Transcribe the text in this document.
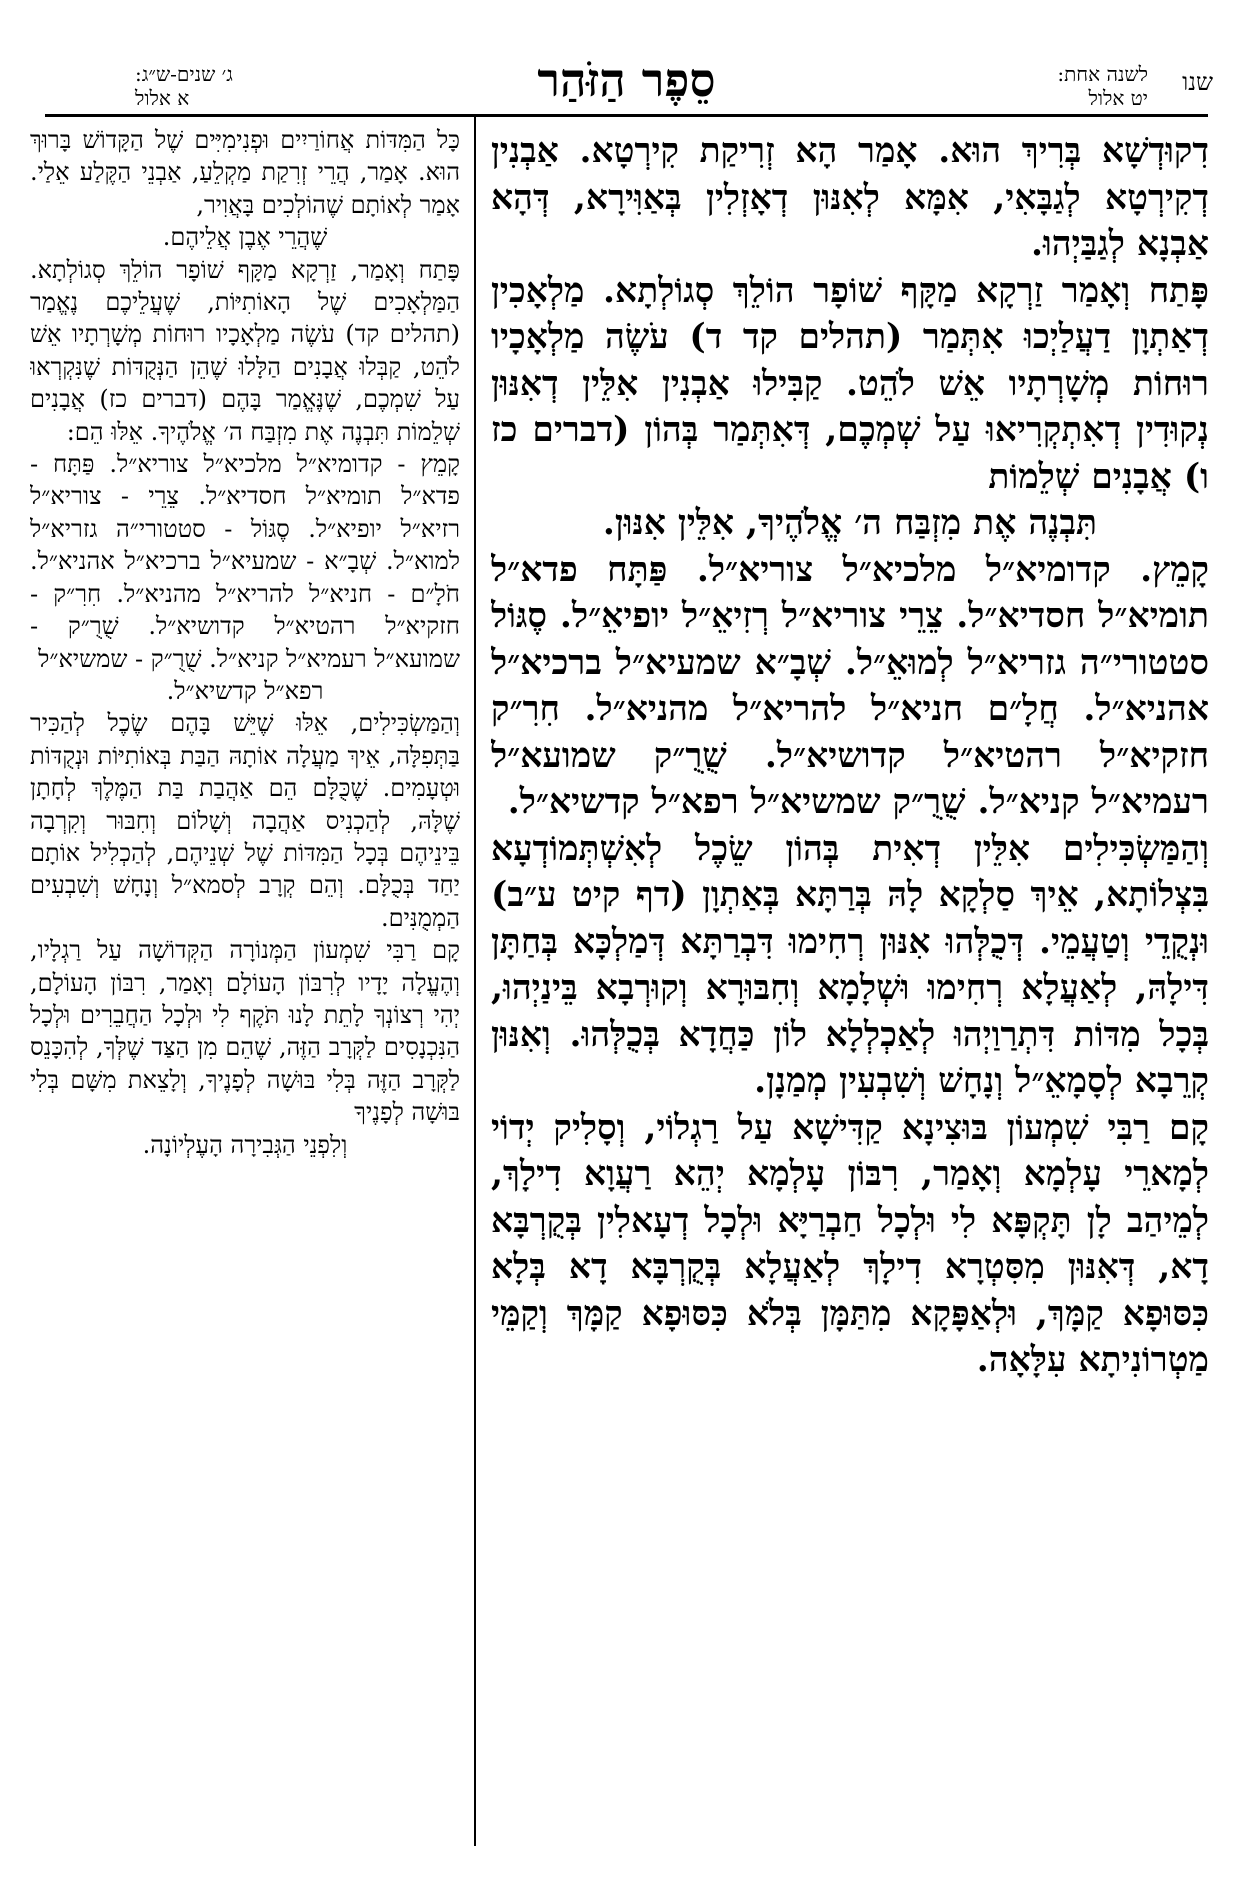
שנו
לשנה אחת:
יט אלול
סֵפֶר הַזֹּהַר
ג׳ שנים-ש״ג:
א אלול

דִקוּדְשָׁא בְּרִיךְ הוּא. אָמַר הָא זְרִיקַת קִירְטָא. אַבְנִין דְקִירְטָא לְגַבָּאִי, אִמָּא לְאִנּוּן דְאָזְלִין בְּאַוִּירָא, דְּהָא אַבְנָא לְגַבַּיְהוּ.

פָּתַח וְאָמַר זַרְקָא מַקָּף שׁוֹפָר הוֹלֵךְ סְגוֹלְתָא. מַלְאָכִין דְאַתְוָן דַעֲלַיְכוּ אִתְּמַר (תהלים קד ד) עֹשֶׂה מַלְאָכָיו רוּחוֹת מְשָׁרְתָיו אֵשׁ לֹהֵט. קַבִּילוּ אַבְנִין אִלֵּין דְאִנּוּן נְקוּדִין דְאִתְקְרִיאוּ עַל שְׁמְכֶם, דְּאִתְּמַר בְּהוֹן (דברים כז ו) אֲבָנִים שְׁלֵמוֹת

תִּבְנֶה אֶת מִזְבַּח ה׳ אֱלֹהֶיךָ, אִלֵּין אִנּוּן.

קָמֵץ. קדומיא״ל מלכיא״ל צוריא״ל. פַּתָּח פדא״ל תומיא״ל חסדיא״ל. צֵרֵי צוריא״ל רְזִיאֵ״ל יופיאֵ״ל. סֶגּוֹל סטטורי״ה גזריא״ל לְמוּאֵ״ל. שְׁבָ״א שמעיא״ל ברכיא״ל אהניא״ל. חֲלָ״ם חניא״ל להריא״ל מהניא״ל. חִרִ״ק חזקיא״ל רהטיא״ל קדושיא״ל. שֻׁרֻ״ק שמועא״ל רעמיא״ל קניא״ל. שֻׁרֻ״ק שמשיא״ל רפא״ל קדשיא״ל.

וְהַמַּשְׂכִּילִים אִלֵּין דְאִית בְּהוֹן שֵׂכֶל לְאִשְׁתְּמוֹדְעָא בִּצְלוֹתָא, אֵיךְ סַלְקָא לָהּ בְּרַתָּא בְּאַתְוָן (דף קיט ע״ב) וּנְקֻדֵי וְטַעֲמֵי. דְּכֻלְּהוּ אִנּוּן רְחִימוּ דִּבְרַתָּא דְּמַלְכָּא בְּחַתָּן דִּילָהּ, לְאַעֲלָא רְחִימוּ וּשְׁלָמָא וְחִבּוּרָא וְקוּרְבָא בֵּינַיְהוּ, בְּכָל מִדּוֹת דִּתְרַוַיְהוּ לְאַכְלְלָא לוֹן כַּחֲדָא בְּכֻלְּהוּ. וְאִנּוּן קְרֵבָא לְסָמָאֵ״ל וְנָחָשׁ וְשִׁבְעִין מְמַנָן.

קָם רַבִּי שִׁמְעוֹן בּוּצִינָא קַדִּישָׁא עַל רַגְלוֹי, וְסָלִיק יְדוֹי לְמָארֵי עָלְמָא וְאָמַר, רִבּוֹן עָלְמָא יְהֵא רַעֲוָא דִילָךְ, לְמֵיהַב לָן תָּקְפָּא לִי וּלְכָל חַבְרַיָּא וּלְכָל דְעָאלִין בְּקֻרְבָּא דָא, דְּאִנּוּן מִסִּטְרָא דִילָךְ לְאַעֲלָא בְּקֻרְבָּא דָא בְּלָא כִּסּוּפָא קַמָּךְ, וּלְאַפָּקָא מִתַּמָּן בְּלֹא כִּסּוּפָא קַמָּךְ וְקַמֵּי מַטְרוֹנִיתָא עִלָּאָה.

כָּל הַמִּדּוֹת אֲחוֹרַיִים וּפְנִימִיִּים שֶׁל הַקָּדוֹשׁ בָּרוּךְ הוּא. אָמַר, הֲרֵי זְרִקַת מַקְלֵעַ, אַבְנֵי הַקֶּלַע אֵלַי. אָמַר לְאוֹתָם שֶׁהוֹלְכִים בָּאֲוִיר,

שֶׁהֲרֵי אֶבֶן אֲלֵיהֶם.

פָּתַח וְאָמַר, זַרְקָא מַקָּף שׁוֹפָר הוֹלֵךְ סְגוֹלְתָא. הַמַּלְאָכִים שֶׁל הָאוֹתִיּוֹת, שֶׁעֲלֵיכֶם נֶאֱמַר (תהלים קד) עֹשֶׂה מַלְאָכָיו רוּחוֹת מְשָׁרְתָיו אֵשׁ לֹהֵט, קַבְּלוּ אֲבָנִים הַלָּלוּ שֶׁהֵן הַנְּקֻדּוֹת שֶׁנִּקְרְאוּ עַל שִׁמְכֶם, שֶׁנֶּאֱמַר בָּהֶם (דברים כז) אֲבָנִים שְׁלֵמוֹת תִּבְנֶה אֶת מִזְבַּח ה׳ אֱלֹהֶיךָ. אֵלּוּ הֵם:

קָמֵץ - קדומיא״ל מלכיא״ל צוריא״ל. פַּתָּח - פדא״ל תומיא״ל חסדיא״ל. צֵרֵי - צוריא״ל רזיא״ל יופיא״ל. סֶגּוֹל - סטטורי״ה גזריא״ל למוא״ל. שְׁבָ״א - שמעיא״ל ברכיא״ל אהניא״ל. חֹלָ״ם - חניא״ל להריא״ל מהניא״ל. חִרִ״ק - חזקיא״ל רהטיא״ל קדושיא״ל. שֻׁרֻ״ק - שמועא״ל רעמיא״ל קניא״ל. שֻׁרֻ״ק - שמשיא״ל

רפא״ל קדשיא״ל.

וְהַמַּשְׂכִּילִים, אֵלּוּ שֶׁיֵּשׁ בָּהֶם שֶׂכֶל לְהַכִּיר בַּתְּפִלָּה, אֵיךְ מַעֲלָה אוֹתָהּ הַבַּת בְּאוֹתִיּוֹת וּנְקֻדּוֹת וּטְעָמִים. שֶׁכֻּלָּם הֵם אַהֲבַת בַּת הַמֶּלֶךְ לְחָתָן שֶׁלָּהּ, לְהַכְנִיס אַהֲבָה וְשָׁלוֹם וְחִבּוּר וְקִרְבָה בֵּינֵיהֶם בְּכָל הַמִּדּוֹת שֶׁל שְׁנֵיהֶם, לְהַכְלִיל אוֹתָם יַחַד בְּכֻלָּם. וְהֵם קְרָב לְסמא״ל וְנָחָשׁ וְשִׁבְעִים הַמְמֻנִּים.

קָם רַבִּי שִׁמְעוֹן הַמְּנוֹרָה הַקְּדוֹשָׁה עַל רַגְלָיו, וְהֶעֱלָה יָדָיו לְרִבּוֹן הָעוֹלָם וְאָמַר, רִבּוֹן הָעוֹלָם, יְהִי רְצוֹנְךָ לָתֵת לָנוּ תֹּקֶף לִי וּלְכָל הַחֲבֵרִים וּלְכָל הַנִּכְנָסִים לַקְּרָב הַזֶּה, שֶׁהֵם מִן הַצַּד שֶׁלְּךָ, לְהִכָּנֵס לַקְּרָב הַזֶּה בְּלִי בּוּשָׁה לְפָנֶיךָ, וְלָצֵאת מִשָּׁם בְּלִי בּוּשָׁה לְפָנֶיךָ

וְלִפְנֵי הַגְּבִירָה הָעֶלְיוֹנָה.
